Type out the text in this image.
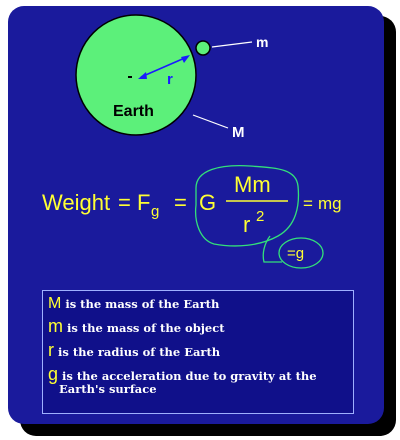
r
Earth
m
M
Weight = F g = G
Mm
r 2
= mg
=g
M is the mass of the Earth
mis the mass of the object
ris the radius of the Earth
gis the acceleration due to gravity at the
Earth's surface
